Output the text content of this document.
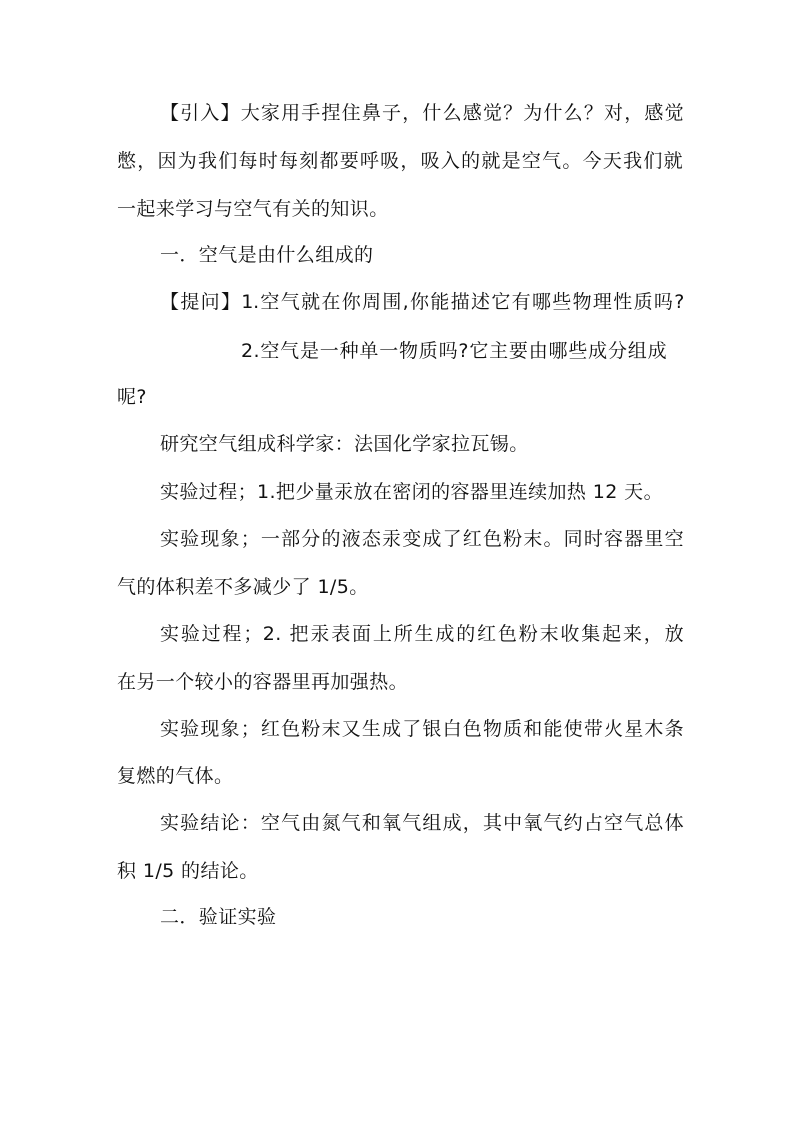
【引入】大家用手捏住鼻子，什么感觉？为什么？对，感觉
憋，因为我们每时每刻都要呼吸，吸入的就是空气。今天我们就
一起来学习与空气有关的知识。
一．空气是由什么组成的
【提问】1.空气就在你周围,你能描述它有哪些物理性质吗?
2.空气是一种单一物质吗?它主要由哪些成分组成
呢?
研究空气组成科学家：法国化学家拉瓦锡。
实验过程；1.把少量汞放在密闭的容器里连续加热 12 天。
实验现象；一部分的液态汞变成了红色粉末。同时容器里空
气的体积差不多减少了 1/5。
实验过程；2. 把汞表面上所生成的红色粉末收集起来，放
在另一个较小的容器里再加强热。
实验现象；红色粉末又生成了银白色物质和能使带火星木条
复燃的气体。
实验结论：空气由氮气和氧气组成，其中氧气约占空气总体
积 1/5 的结论。
二．验证实验
